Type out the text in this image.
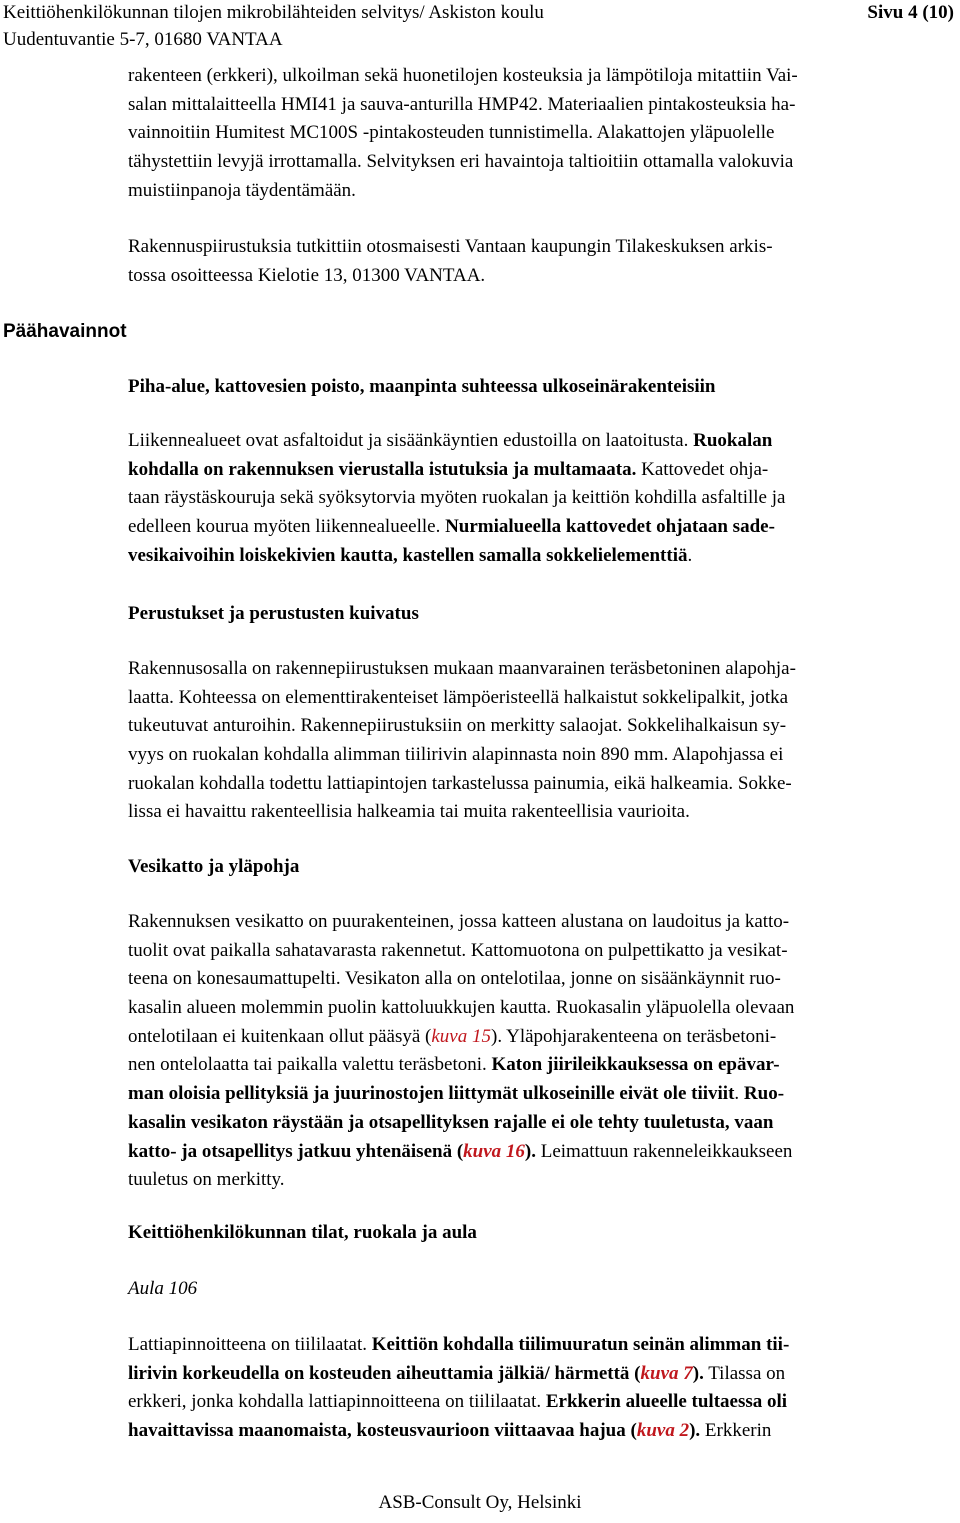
Keittiöhenkilökunnan tilojen mikrobilähteiden selvitys/ Askiston koulu
Uudentuvantie 5-7, 01680 VANTAA
Sivu 4 (10)
Päähavainnot
rakenteen (erkkeri), ulkoilman sekä huonetilojen kosteuksia ja lämpötiloja mitattiin Vai-
salan mittalaitteella HMI41 ja sauva-anturilla HMP42. Materiaalien pintakosteuksia ha-
vainnoitiin Humitest MC100S -pintakosteuden tunnistimella. Alakattojen yläpuolelle
tähystettiin levyjä irrottamalla. Selvityksen eri havaintoja taltioitiin ottamalla valokuvia
muistiinpanoja täydentämään.
Rakennuspiirustuksia tutkittiin otosmaisesti Vantaan kaupungin Tilakeskuksen arkis-
tossa osoitteessa Kielotie 13, 01300 VANTAA.
Piha-alue, kattovesien poisto, maanpinta suhteessa ulkoseinärakenteisiin
Liikennealueet ovat asfaltoidut ja sisäänkäyntien edustoilla on laatoitusta. Ruokalan
kohdalla on rakennuksen vierustalla istutuksia ja multamaata. Kattovedet ohja-
taan räystäskouruja sekä syöksytorvia myöten ruokalan ja keittiön kohdilla asfaltille ja
edelleen kourua myöten liikennealueelle. Nurmialueella kattovedet ohjataan sade-
vesikaivoihin loiskekivien kautta, kastellen samalla sokkelielementtiä.
Perustukset ja perustusten kuivatus
Rakennusosalla on rakennepiirustuksen mukaan maanvarainen teräsbetoninen alapohja-
laatta. Kohteessa on elementtirakenteiset lämpöeristeellä halkaistut sokkelipalkit, jotka
tukeutuvat anturoihin. Rakennepiirustuksiin on merkitty salaojat. Sokkelihalkaisun sy-
vyys on ruokalan kohdalla alimman tiilirivin alapinnasta noin 890 mm. Alapohjassa ei
ruokalan kohdalla todettu lattiapintojen tarkastelussa painumia, eikä halkeamia. Sokke-
lissa ei havaittu rakenteellisia halkeamia tai muita rakenteellisia vaurioita.
Vesikatto ja yläpohja
Rakennuksen vesikatto on puurakenteinen, jossa katteen alustana on laudoitus ja katto-
tuolit ovat paikalla sahatavarasta rakennetut. Kattomuotona on pulpettikatto ja vesikat-
teena on konesaumattupelti. Vesikaton alla on ontelotilaa, jonne on sisäänkäynnit ruo-
kasalin alueen molemmin puolin kattoluukkujen kautta. Ruokasalin yläpuolella olevaan
ontelotilaan ei kuitenkaan ollut pääsyä (kuva 15). Yläpohjarakenteena on teräsbetoni-
nen ontelolaatta tai paikalla valettu teräsbetoni. Katon jiirileikkauksessa on epävar-
man oloisia pellityksiä ja juurinostojen liittymät ulkoseinille eivät ole tiiviit. Ruo-
kasalin vesikaton räystään ja otsapellityksen rajalle ei ole tehty tuuletusta, vaan
katto- ja otsapellitys jatkuu yhtenäisenä (kuva 16). Leimattuun rakenneleikkaukseen
tuuletus on merkitty.
Keittiöhenkilökunnan tilat, ruokala ja aula
Aula 106
Lattiapinnoitteena on tiililaatat. Keittiön kohdalla tiilimuuratun seinän alimman tii-
lirivin korkeudella on kosteuden aiheuttamia jälkiä/ härmettä (kuva 7). Tilassa on
erkkeri, jonka kohdalla lattiapinnoitteena on tiililaatat. Erkkerin alueelle tultaessa oli
havaittavissa maanomaista, kosteusvaurioon viittaavaa hajua (kuva 2). Erkkerin
ASB-Consult Oy, Helsinki
